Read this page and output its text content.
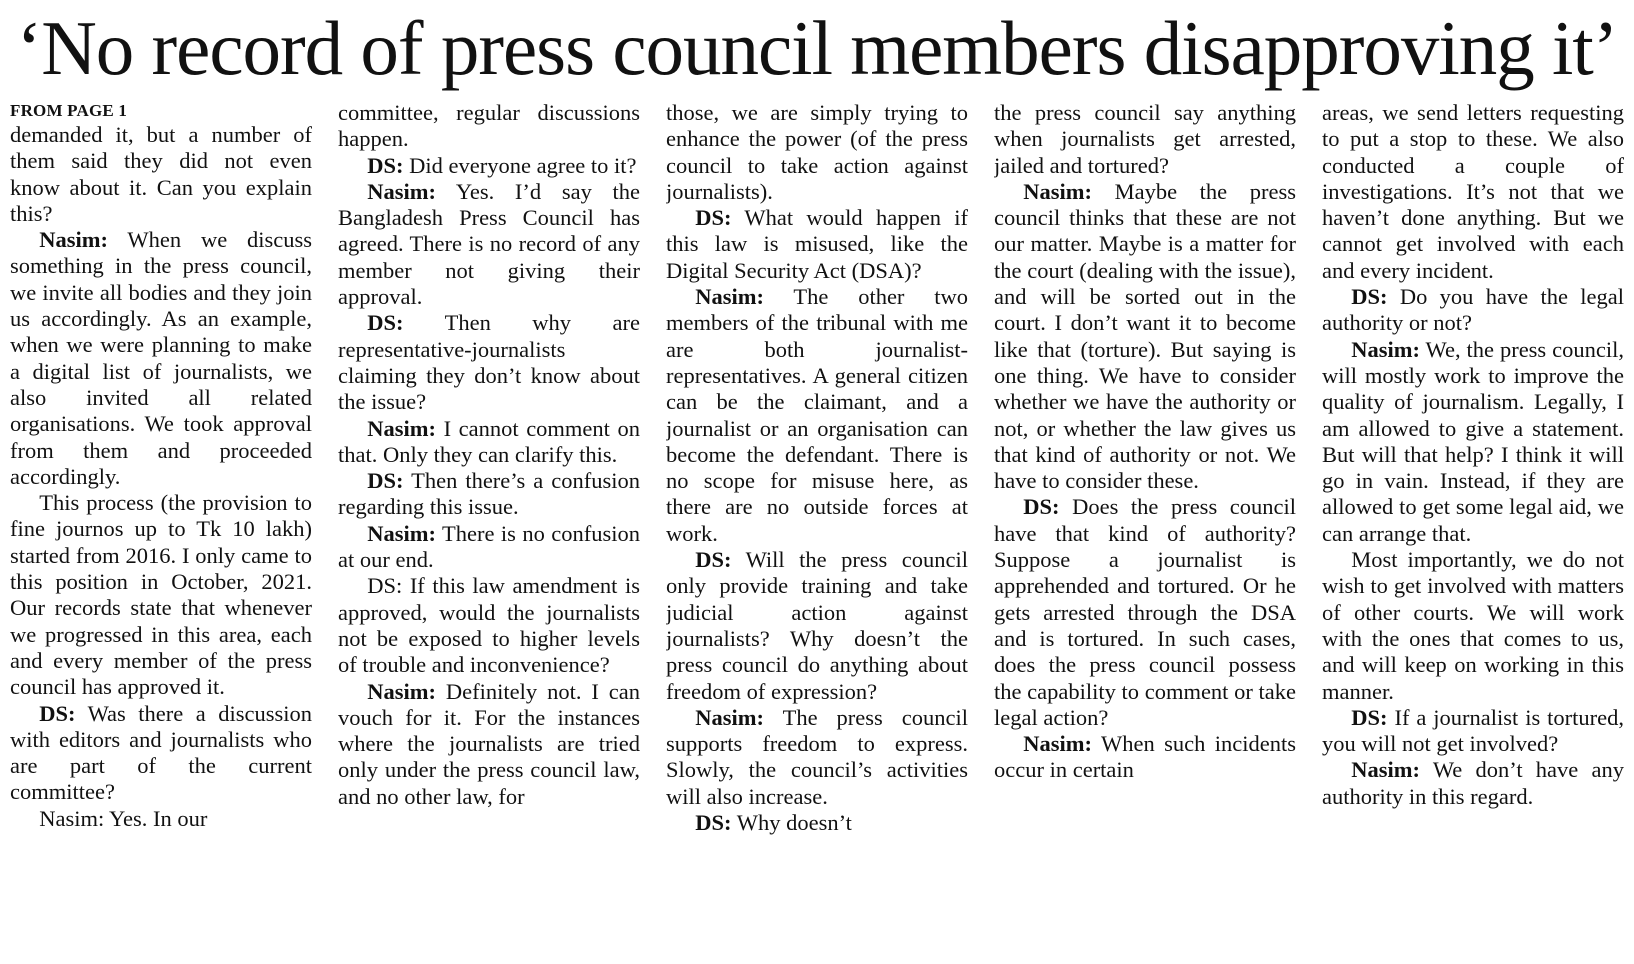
‘No record of press council members disapproving it’
FROM PAGE 1

demanded it, but a number of them said they did not even know about it. Can you explain this?

Nasim: When we discuss something in the press council, we invite all bodies and they join us accordingly. As an example, when we were planning to make a digital list of journalists, we also invited all related organisations. We took approval from them and proceeded accordingly.

This process (the provision to fine journos up to Tk 10 lakh) started from 2016. I only came to this position in October, 2021. Our records state that whenever we progressed in this area, each and every member of the press council has approved it.

DS: Was there a discussion with editors and journalists who are part of the current committee?

Nasim: Yes. In our

committee, regular discussions happen.

DS: Did everyone agree to it?

Nasim: Yes. I’d say the Bangladesh Press Council has agreed. There is no record of any member not giving their approval.

DS: Then why are representative-journalists claiming they don’t know about the issue?

Nasim: I cannot comment on that. Only they can clarify this.

DS: Then there’s a confusion regarding this issue.

Nasim: There is no confusion at our end.

DS: If this law amendment is approved, would the journalists not be exposed to higher levels of trouble and inconvenience?

Nasim: Definitely not. I can vouch for it. For the instances where the journalists are tried only under the press council law, and no other law, for

those, we are simply trying to enhance the power (of the press council to take action against journalists).

DS: What would happen if this law is misused, like the Digital Security Act (DSA)?

Nasim: The other two members of the tribunal with me are both journalist-representatives. A general citizen can be the claimant, and a journalist or an organisation can become the defendant. There is no scope for misuse here, as there are no outside forces at work.

DS: Will the press council only provide training and take judicial action against journalists? Why doesn’t the press council do anything about freedom of expression?

Nasim: The press council supports freedom to express. Slowly, the council’s activities will also increase.

DS: Why doesn’t

the press council say anything when journalists get arrested, jailed and tortured?

Nasim: Maybe the press council thinks that these are not our matter. Maybe is a matter for the court (dealing with the issue), and will be sorted out in the court. I don’t want it to become like that (torture). But saying is one thing. We have to consider whether we have the authority or not, or whether the law gives us that kind of authority or not. We have to consider these.

DS: Does the press council have that kind of authority? Suppose a journalist is apprehended and tortured. Or he gets arrested through the DSA and is tortured. In such cases, does the press council possess the capability to comment or take legal action?

Nasim: When such incidents occur in certain

areas, we send letters requesting to put a stop to these. We also conducted a couple of investigations. It’s not that we haven’t done anything. But we cannot get involved with each and every incident.

DS: Do you have the legal authority or not?

Nasim: We, the press council, will mostly work to improve the quality of journalism. Legally, I am allowed to give a statement. But will that help? I think it will go in vain. Instead, if they are allowed to get some legal aid, we can arrange that.

Most importantly, we do not wish to get involved with matters of other courts. We will work with the ones that comes to us, and will keep on working in this manner.

DS: If a journalist is tortured, you will not get involved?

Nasim: We don’t have any authority in this regard.
